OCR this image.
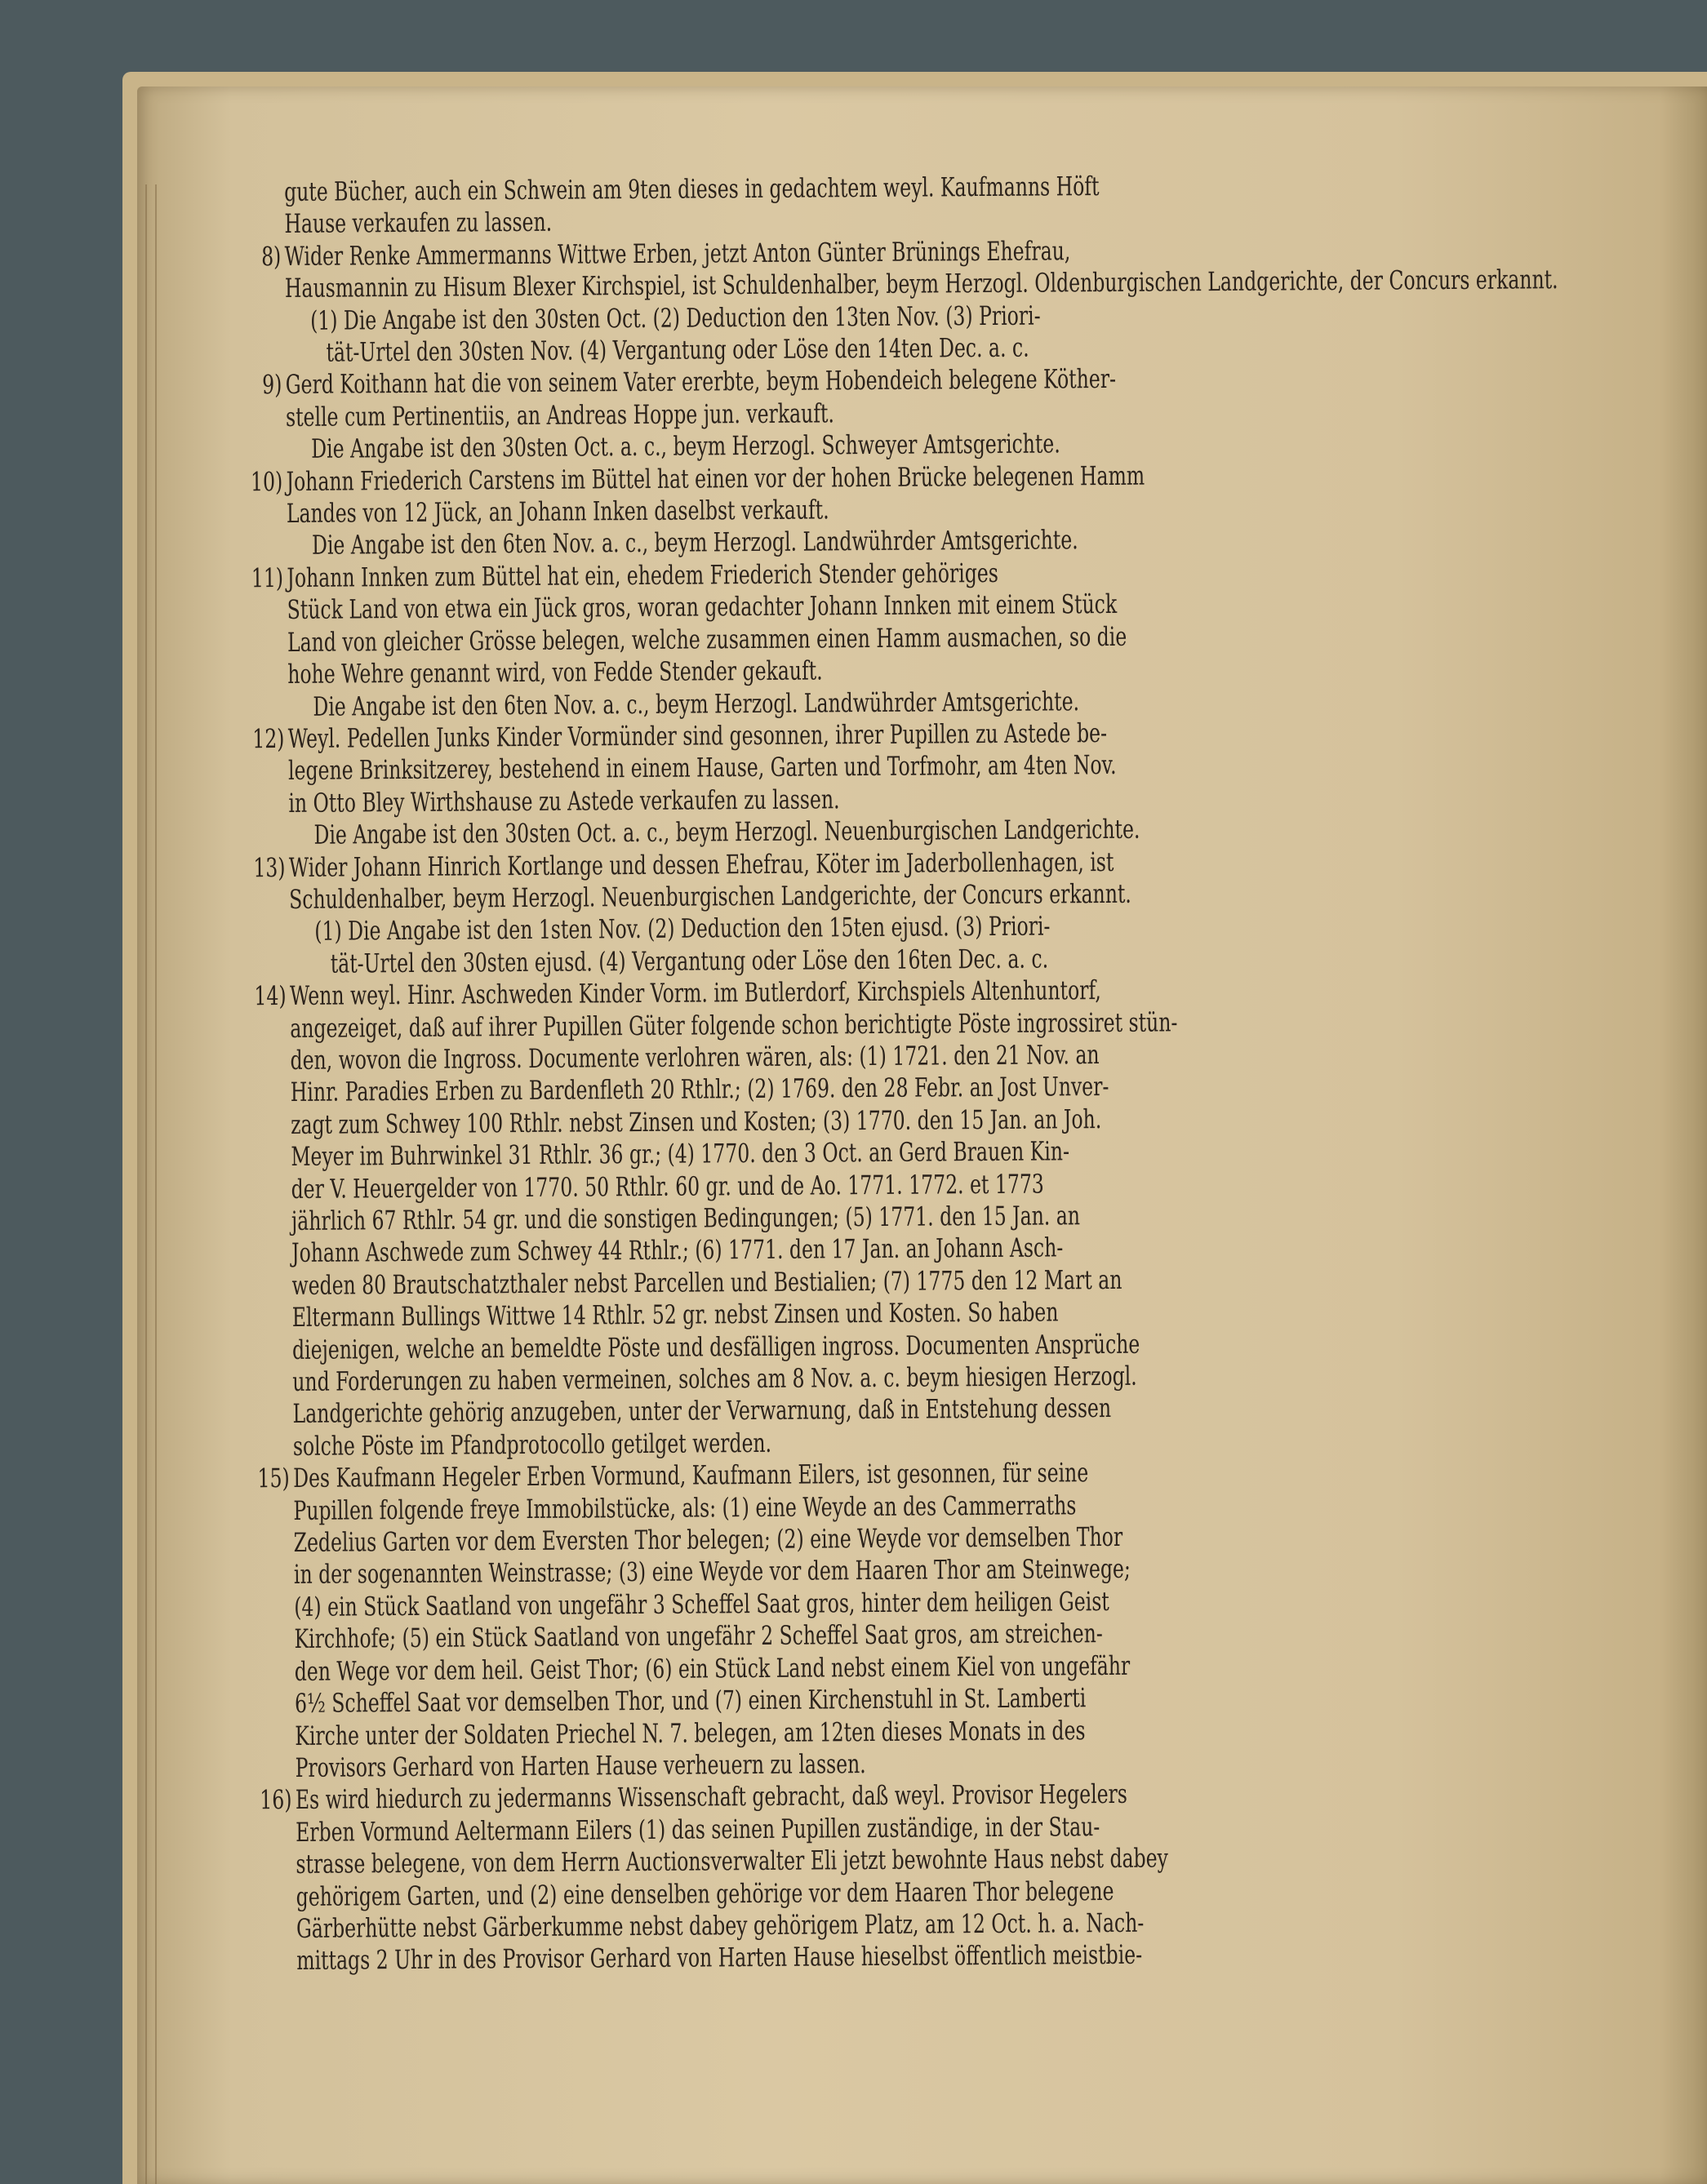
gute Bücher, auch ein Schwein am 9ten dieses in gedachtem weyl. Kaufmanns Höft
Hause verkaufen zu lassen.
8) Wider Renke Ammermanns Wittwe Erben, jetzt Anton Günter Brünings Ehefrau,
Hausmannin zu Hisum Blexer Kirchspiel, ist Schuldenhalber, beym Herzogl. Oldenburgischen Landgerichte, der Concurs erkannt.
(1) Die Angabe ist den 30sten Oct. (2) Deduction den 13ten Nov. (3) Priori-
tät-Urtel den 30sten Nov. (4) Vergantung oder Löse den 14ten Dec. a. c.
9) Gerd Koithann hat die von seinem Vater ererbte, beym Hobendeich belegene Köther-
stelle cum Pertinentiis, an Andreas Hoppe jun. verkauft.
Die Angabe ist den 30sten Oct. a. c., beym Herzogl. Schweyer Amtsgerichte.
10) Johann Friederich Carstens im Büttel hat einen vor der hohen Brücke belegenen Hamm
Landes von 12 Jück, an Johann Inken daselbst verkauft.
Die Angabe ist den 6ten Nov. a. c., beym Herzogl. Landwührder Amtsgerichte.
11) Johann Innken zum Büttel hat ein, ehedem Friederich Stender gehöriges
Stück Land von etwa ein Jück gros, woran gedachter Johann Innken mit einem Stück
Land von gleicher Grösse belegen, welche zusammen einen Hamm ausmachen, so die
hohe Wehre genannt wird, von Fedde Stender gekauft.
Die Angabe ist den 6ten Nov. a. c., beym Herzogl. Landwührder Amtsgerichte.
12) Weyl. Pedellen Junks Kinder Vormünder sind gesonnen, ihrer Pupillen zu Astede be-
legene Brinksitzerey, bestehend in einem Hause, Garten und Torfmohr, am 4ten Nov.
in Otto Bley Wirthshause zu Astede verkaufen zu lassen.
Die Angabe ist den 30sten Oct. a. c., beym Herzogl. Neuenburgischen Landgerichte.
13) Wider Johann Hinrich Kortlange und dessen Ehefrau, Köter im Jaderbollenhagen, ist
Schuldenhalber, beym Herzogl. Neuenburgischen Landgerichte, der Concurs erkannt.
(1) Die Angabe ist den 1sten Nov. (2) Deduction den 15ten ejusd. (3) Priori-
tät-Urtel den 30sten ejusd. (4) Vergantung oder Löse den 16ten Dec. a. c.
14) Wenn weyl. Hinr. Aschweden Kinder Vorm. im Butlerdorf, Kirchspiels Altenhuntorf,
angezeiget, daß auf ihrer Pupillen Güter folgende schon berichtigte Pöste ingrossiret stün-
den, wovon die Ingross. Documente verlohren wären, als: (1) 1721. den 21 Nov. an
Hinr. Paradies Erben zu Bardenfleth 20 Rthlr.; (2) 1769. den 28 Febr. an Jost Unver-
zagt zum Schwey 100 Rthlr. nebst Zinsen und Kosten; (3) 1770. den 15 Jan. an Joh.
Meyer im Buhrwinkel 31 Rthlr. 36 gr.; (4) 1770. den 3 Oct. an Gerd Brauen Kin-
der V. Heuergelder von 1770. 50 Rthlr. 60 gr. und de Ao. 1771. 1772. et 1773
jährlich 67 Rthlr. 54 gr. und die sonstigen Bedingungen; (5) 1771. den 15 Jan. an
Johann Aschwede zum Schwey 44 Rthlr.; (6) 1771. den 17 Jan. an Johann Asch-
weden 80 Brautschatzthaler nebst Parcellen und Bestialien; (7) 1775 den 12 Mart an
Eltermann Bullings Wittwe 14 Rthlr. 52 gr. nebst Zinsen und Kosten. So haben
diejenigen, welche an bemeldte Pöste und desfälligen ingross. Documenten Ansprüche
und Forderungen zu haben vermeinen, solches am 8 Nov. a. c. beym hiesigen Herzogl.
Landgerichte gehörig anzugeben, unter der Verwarnung, daß in Entstehung dessen
solche Pöste im Pfandprotocollo getilget werden.
15) Des Kaufmann Hegeler Erben Vormund, Kaufmann Eilers, ist gesonnen, für seine
Pupillen folgende freye Immobilstücke, als: (1) eine Weyde an des Cammerraths
Zedelius Garten vor dem Eversten Thor belegen; (2) eine Weyde vor demselben Thor
in der sogenannten Weinstrasse; (3) eine Weyde vor dem Haaren Thor am Steinwege;
(4) ein Stück Saatland von ungefähr 3 Scheffel Saat gros, hinter dem heiligen Geist
Kirchhofe; (5) ein Stück Saatland von ungefähr 2 Scheffel Saat gros, am streichen-
den Wege vor dem heil. Geist Thor; (6) ein Stück Land nebst einem Kiel von ungefähr
6½ Scheffel Saat vor demselben Thor, und (7) einen Kirchenstuhl in St. Lamberti
Kirche unter der Soldaten Priechel N. 7. belegen, am 12ten dieses Monats in des
Provisors Gerhard von Harten Hause verheuern zu lassen.
16) Es wird hiedurch zu jedermanns Wissenschaft gebracht, daß weyl. Provisor Hegelers
Erben Vormund Aeltermann Eilers (1) das seinen Pupillen zuständige, in der Stau-
strasse belegene, von dem Herrn Auctionsverwalter Eli jetzt bewohnte Haus nebst dabey
gehörigem Garten, und (2) eine denselben gehörige vor dem Haaren Thor belegene
Gärberhütte nebst Gärberkumme nebst dabey gehörigem Platz, am 12 Oct. h. a. Nach-
mittags 2 Uhr in des Provisor Gerhard von Harten Hause hieselbst öffentlich meistbie-
